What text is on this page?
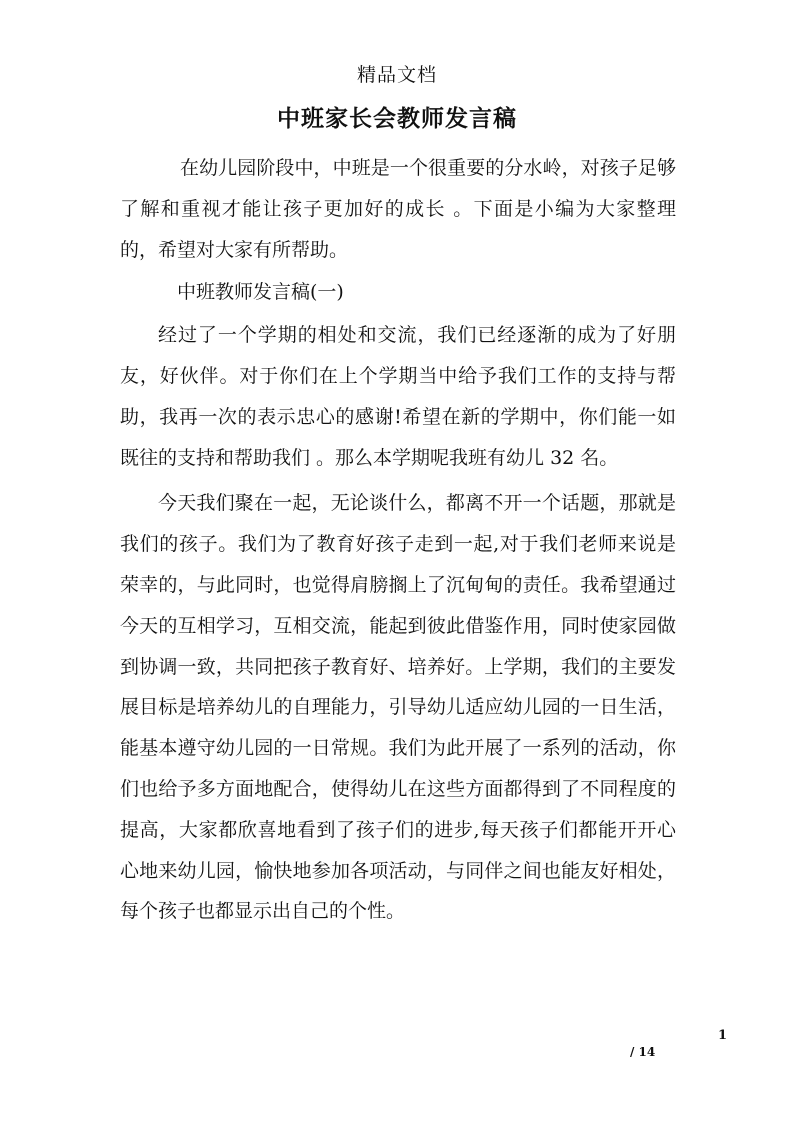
精品文档
中班家长会教师发言稿

在幼儿园阶段中，中班是一个很重要的分水岭，对孩子足够了解和重视才能让孩子更加好的成长 。下面是小编为大家整理的，希望对大家有所帮助。

中班教师发言稿(一)

经过了一个学期的相处和交流，我们已经逐渐的成为了好朋友，好伙伴。对于你们在上个学期当中给予我们工作的支持与帮助，我再一次的表示忠心的感谢!希望在新的学期中，你们能一如既往的支持和帮助我们 。那么本学期呢我班有幼儿 32 名。

今天我们聚在一起，无论谈什么，都离不开一个话题，那就是我们的孩子。我们为了教育好孩子走到一起,对于我们老师来说是荣幸的，与此同时，也觉得肩膀搁上了沉甸甸的责任。我希望通过今天的互相学习，互相交流，能起到彼此借鉴作用，同时使家园做到协调一致，共同把孩子教育好、培养好。上学期，我们的主要发展目标是培养幼儿的自理能力，引导幼儿适应幼儿园的一日生活，能基本遵守幼儿园的一日常规。我们为此开展了一系列的活动，你们也给予多方面地配合，使得幼儿在这些方面都得到了不同程度的提高，大家都欣喜地看到了孩子们的进步,每天孩子们都能开开心心地来幼儿园，愉快地参加各项活动，与同伴之间也能友好相处，每个孩子也都显示出自己的个性。

1
/ 14
